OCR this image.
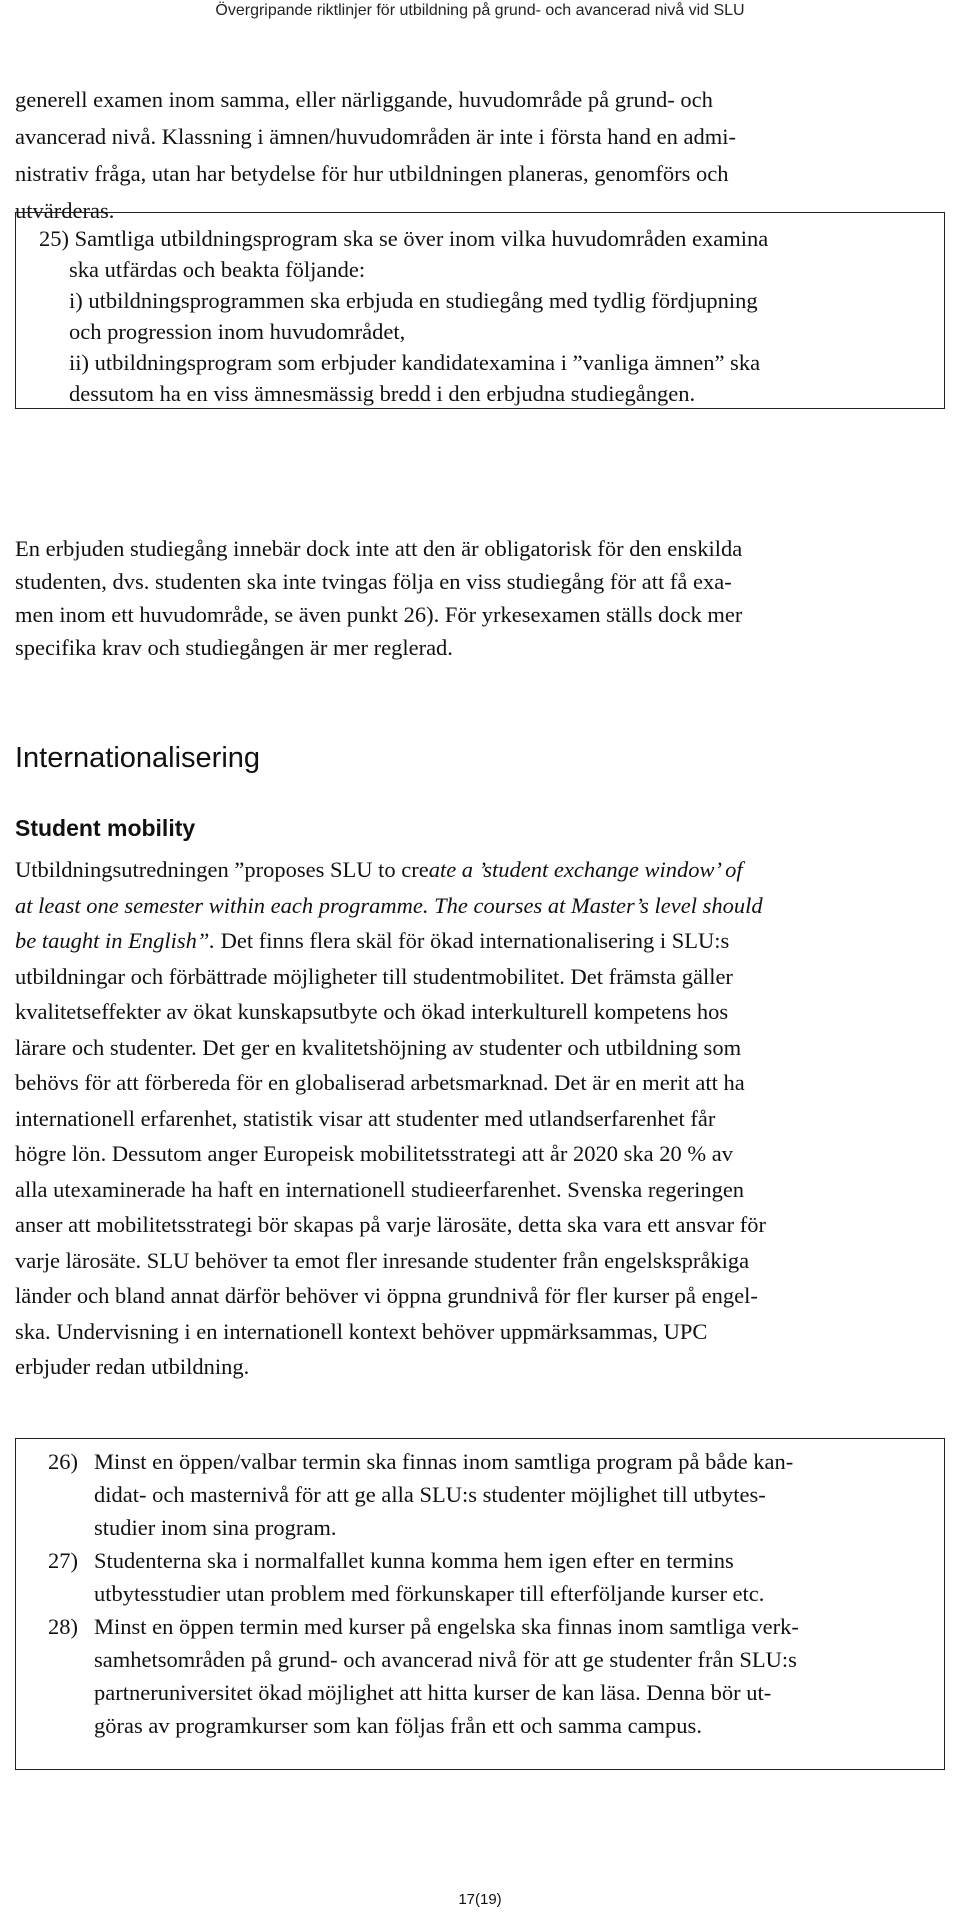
Övergripande riktlinjer för utbildning på grund- och avancerad nivå vid SLU
generell examen inom samma, eller närliggande, huvudområde på grund- och
avancerad nivå. Klassning i ämnen/huvudområden är inte i första hand en admi-
nistrativ fråga, utan har betydelse för hur utbildningen planeras, genomförs och
utvärderas.
25) Samtliga utbildningsprogram ska se över inom vilka huvudområden examina
ska utfärdas och beakta följande:
i) utbildningsprogrammen ska erbjuda en studiegång med tydlig fördjupning
och progression inom huvudområdet,
ii) utbildningsprogram som erbjuder kandidatexamina i ”vanliga ämnen” ska
dessutom ha en viss ämnesmässig bredd i den erbjudna studiegången.
En erbjuden studiegång innebär dock inte att den är obligatorisk för den enskilda
studenten, dvs. studenten ska inte tvingas följa en viss studiegång för att få exa-
men inom ett huvudområde, se även punkt 26). För yrkesexamen ställs dock mer
specifika krav och studiegången är mer reglerad.
Internationalisering
Student mobility
Utbildningsutredningen ”proposes SLU to create a ’student exchange window’ of
at least one semester within each programme. The courses at Master’s level should
be taught in English”. Det finns flera skäl för ökad internationalisering i SLU:s
utbildningar och förbättrade möjligheter till studentmobilitet. Det främsta gäller
kvalitetseffekter av ökat kunskapsutbyte och ökad interkulturell kompetens hos
lärare och studenter. Det ger en kvalitetshöjning av studenter och utbildning som
behövs för att förbereda för en globaliserad arbetsmarknad. Det är en merit att ha
internationell erfarenhet, statistik visar att studenter med utlandserfarenhet får
högre lön. Dessutom anger Europeisk mobilitetsstrategi att år 2020 ska 20 % av
alla utexaminerade ha haft en internationell studieerfarenhet. Svenska regeringen
anser att mobilitetsstrategi bör skapas på varje lärosäte, detta ska vara ett ansvar för
varje lärosäte. SLU behöver ta emot fler inresande studenter från engelskspråkiga
länder och bland annat därför behöver vi öppna grundnivå för fler kurser på engel-
ska. Undervisning i en internationell kontext behöver uppmärksammas, UPC
erbjuder redan utbildning.
26) Minst en öppen/valbar termin ska finnas inom samtliga program på både kan-
didat- och masternivå för att ge alla SLU:s studenter möjlighet till utbytes-
studier inom sina program.
27) Studenterna ska i normalfallet kunna komma hem igen efter en termins
utbytesstudier utan problem med förkunskaper till efterföljande kurser etc.
28) Minst en öppen termin med kurser på engelska ska finnas inom samtliga verk-
samhetsområden på grund- och avancerad nivå för att ge studenter från SLU:s
partneruniversitet ökad möjlighet att hitta kurser de kan läsa. Denna bör ut-
göras av programkurser som kan följas från ett och samma campus.
17(19)
